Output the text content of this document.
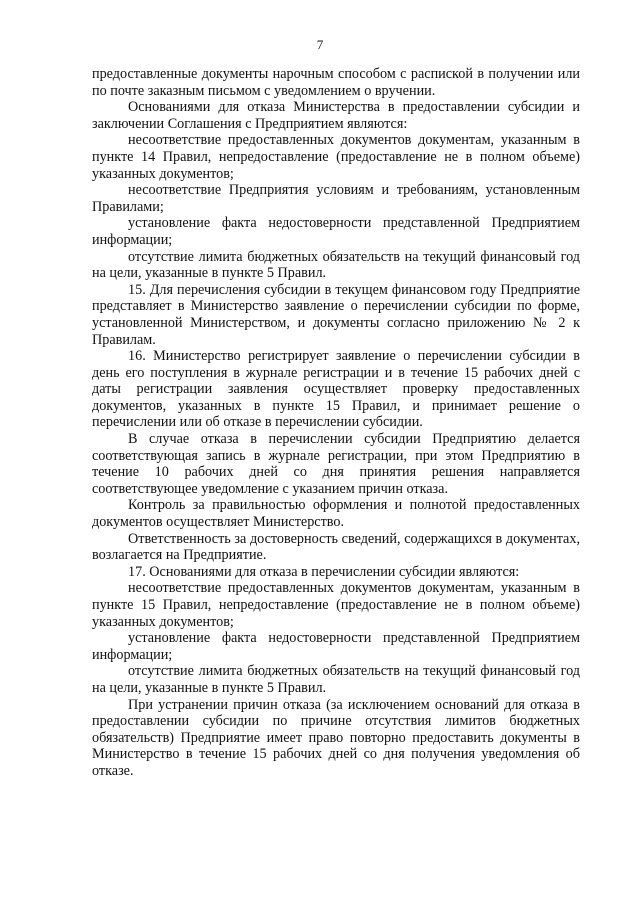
7

предоставленные документы нарочным способом с распиской в получении или по почте заказным письмом с уведомлением о вручении.

Основаниями для отказа Министерства в предоставлении субсидии и заключении Соглашения с Предприятием являются:

несоответствие предоставленных документов документам, указанным в пункте 14 Правил, непредоставление (предоставление не в полном объеме) указанных документов;

несоответствие Предприятия условиям и требованиям, установленным Правилами;

установление факта недостоверности представленной Предприятием информации;

отсутствие лимита бюджетных обязательств на текущий финансовый год на цели, указанные в пункте 5 Правил.

15. Для перечисления субсидии в текущем финансовом году Предприятие представляет в Министерство заявление о перечислении субсидии по форме, установленной Министерством, и документы согласно приложению № 2 к Правилам.

16. Министерство регистрирует заявление о перечислении субсидии в день его поступления в журнале регистрации и в течение 15 рабочих дней с даты регистрации заявления осуществляет проверку предоставленных документов, указанных в пункте 15 Правил, и принимает решение о перечислении или об отказе в перечислении субсидии.

В случае отказа в перечислении субсидии Предприятию делается соответствующая запись в журнале регистрации, при этом Предприятию в течение 10 рабочих дней со дня принятия решения направляется соответствующее уведомление с указанием причин отказа.

Контроль за правильностью оформления и полнотой предоставленных документов осуществляет Министерство.

Ответственность за достоверность сведений, содержащихся в документах, возлагается на Предприятие.

17. Основаниями для отказа в перечислении субсидии являются:

несоответствие предоставленных документов документам, указанным в пункте 15 Правил, непредоставление (предоставление не в полном объеме) указанных документов;

установление факта недостоверности представленной Предприятием информации;

отсутствие лимита бюджетных обязательств на текущий финансовый год на цели, указанные в пункте 5 Правил.

При устранении причин отказа (за исключением оснований для отказа в предоставлении субсидии по причине отсутствия лимитов бюджетных обязательств) Предприятие имеет право повторно предоставить документы в Министерство в течение 15 рабочих дней со дня получения уведомления об отказе.
